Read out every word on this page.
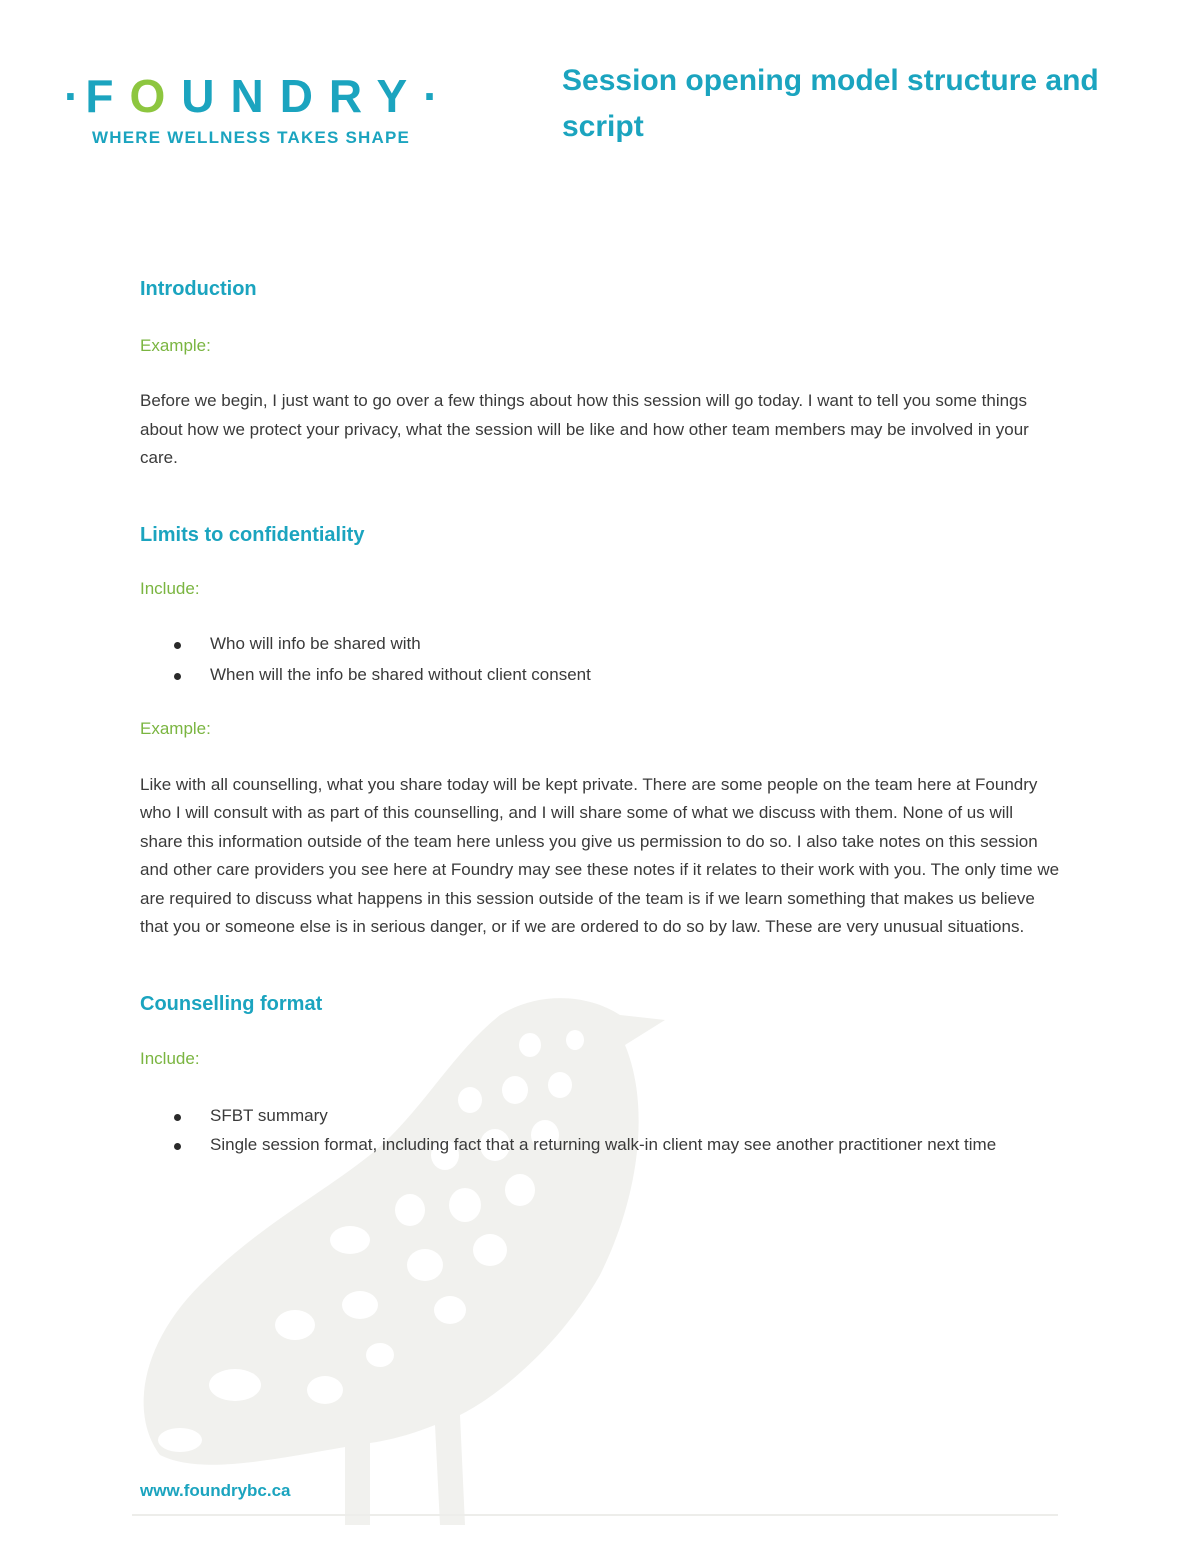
·FOUNDRY·
WHERE WELLNESS TAKES SHAPE
Session opening model structure and script
Introduction

Example:

Before we begin, I just want to go over a few things about how this session will go today. I want to tell you some things about how we protect your privacy, what the session will be like and how other team members may be involved in your care.

Limits to confidentiality

Include:

Who will info be shared with
When will the info be shared without client consent

Example:

Like with all counselling, what you share today will be kept private. There are some people on the team here at Foundry who I will consult with as part of this counselling, and I will share some of what we discuss with them. None of us will share this information outside of the team here unless you give us permission to do so. I also take notes on this session and other care providers you see here at Foundry may see these notes if it relates to their work with you. The only time we are required to discuss what happens in this session outside of the team is if we learn something that makes us believe that you or someone else is in serious danger, or if we are ordered to do so by law. These are very unusual situations.

Counselling format

Include:

SFBT summary
Single session format, including fact that a returning walk-in client may see another practitioner next time
www.foundrybc.ca
